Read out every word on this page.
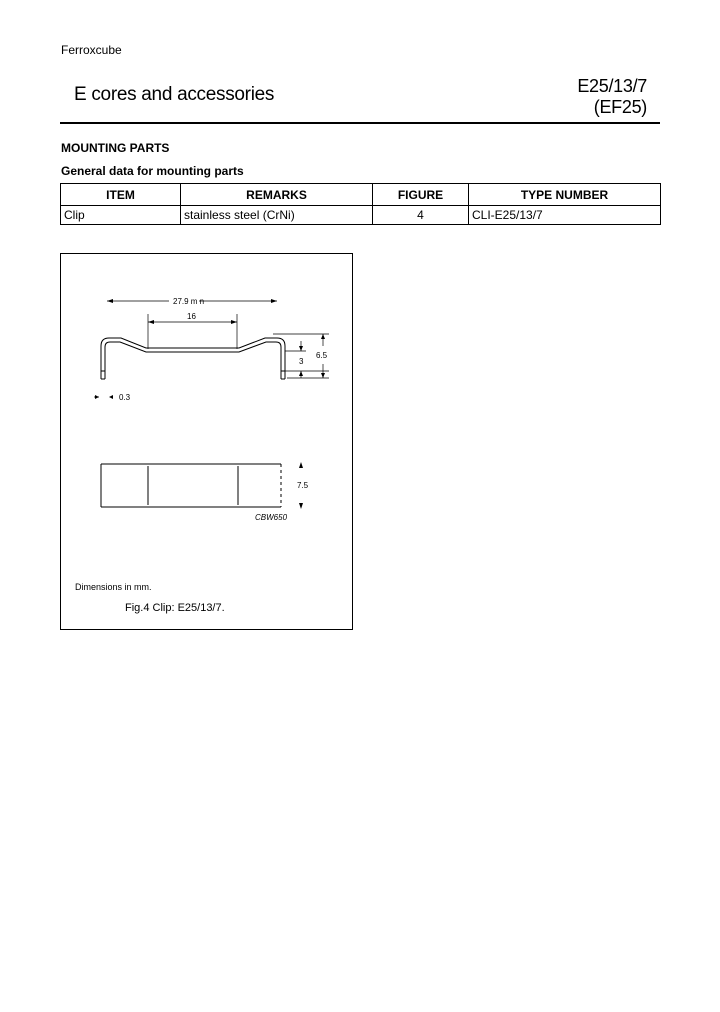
Ferroxcube
E cores and accessories	E25/13/7
(EF25)
MOUNTING PARTS
General data for mounting parts
ITEM	REMARKS	FIGURE	TYPE NUMBER
Clip	stainless steel (CrNi)	4	CLI-E25/13/7
27.9 m n
16
3
6.5
0.3
7.5
CBW650
Dimensions in mm.
Fig.4 Clip: E25/13/7.
